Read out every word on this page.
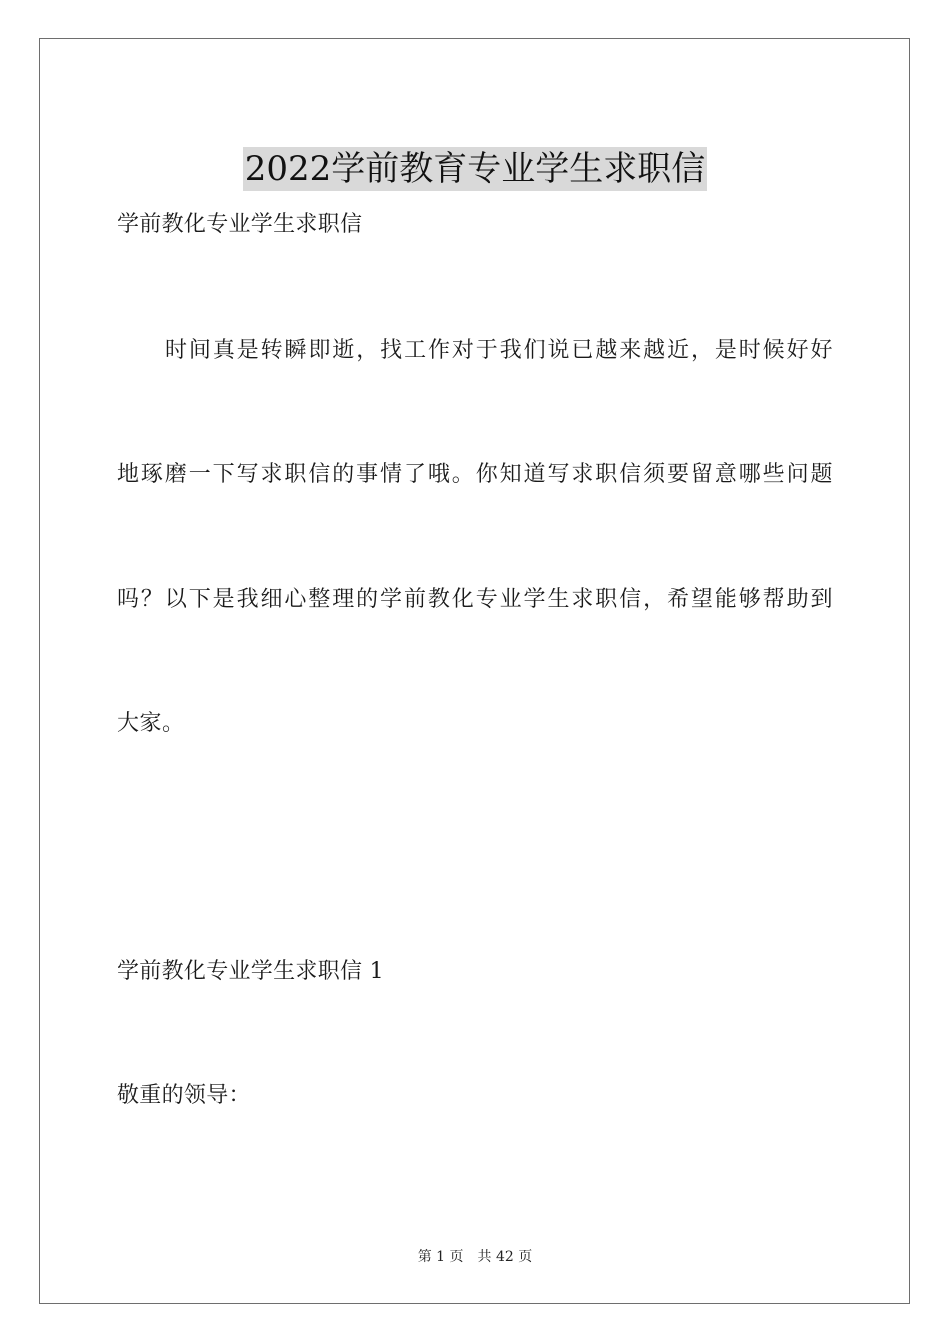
2022学前教育专业学生求职信
学前教化专业学生求职信
时间真是转瞬即逝，找工作对于我们说已越来越近，是时候好好
地琢磨一下写求职信的事情了哦。你知道写求职信须要留意哪些问题
吗？以下是我细心整理的学前教化专业学生求职信，希望能够帮助到
大家。
学前教化专业学生求职信 1
敬重的领导：
第 1 页 共 42 页
